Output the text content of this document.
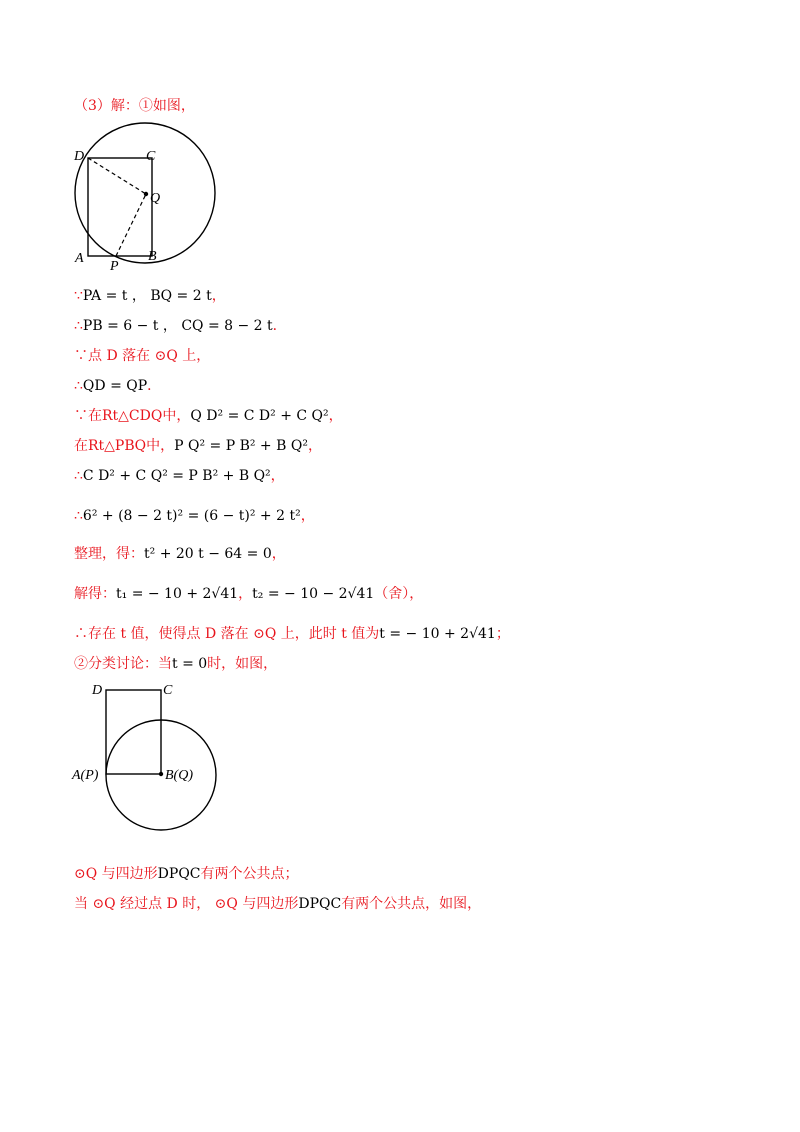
（3）解：①如图，
∵PA = t ， BQ = 2 t，
∴PB = 6 − t ， CQ = 8 − 2 t．
∵点 D 落在 ⊙Q 上，
∴QD = QP．
∵在Rt△CDQ中，Q D² = C D² + C Q²，
在Rt△PBQ中，P Q² = P B² + B Q²，
∴C D² + C Q² = P B² + B Q²，
∴6² + (8 − 2 t)² = (6 − t)² + 2 t²，
整理，得：t² + 20 t − 64 = 0，
解得：t₁ = − 10 + 2√41，t₂ = − 10 − 2√41（舍），
∴存在 t 值，使得点 D 落在 ⊙Q 上，此时 t 值为t = − 10 + 2√41；
②分类讨论：当t = 0时，如图，
⊙Q 与四边形DPQC有两个公共点；
当 ⊙Q 经过点 D 时， ⊙Q 与四边形DPQC有两个公共点，如图，
D	C
Q
A
P
B
D	C
A(P)	B(Q)
